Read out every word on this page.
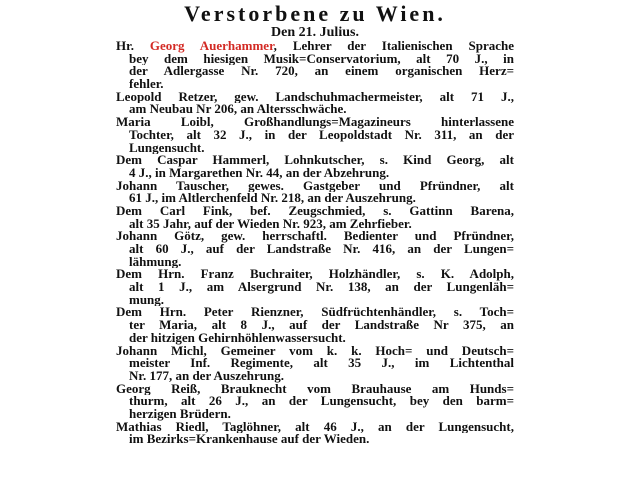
Verstorbene zu Wien.
Den 21. Julius.
Hr. Georg Auerhammer, Lehrer der Italienischen Sprache
bey dem hiesigen Musik=Conservatorium, alt 70 J., in
der Adlergasse Nr. 720, an einem organischen Herz=
fehler.
Leopold Retzer, gew. Landschuhmachermeister, alt 71 J.,
am Neubau Nr 206, an Altersschwäche.
Maria Loibl, Großhandlungs=Magazineurs hinterlassene
Tochter, alt 32 J., in der Leopoldstadt Nr. 311, an der
Lungensucht.
Dem Caspar Hammerl, Lohnkutscher, s. Kind Georg, alt
4 J., in Margarethen Nr. 44, an der Abzehrung.
Johann Tauscher, gewes. Gastgeber und Pfründner, alt
61 J., im Altlerchenfeld Nr. 218, an der Auszehrung.
Dem Carl Fink, bef. Zeugschmied, s. Gattinn Barena,
alt 35 Jahr, auf der Wieden Nr. 923, am Zehrfieber.
Johann Götz, gew. herrschaftl. Bedienter und Pfründner,
alt 60 J., auf der Landstraße Nr. 416, an der Lungen=
lähmung.
Dem Hrn. Franz Buchraiter, Holzhändler, s. K. Adolph,
alt 1 J., am Alsergrund Nr. 138, an der Lungenläh=
mung.
Dem Hrn. Peter Rienzner, Südfrüchtenhändler, s. Toch=
ter Maria, alt 8 J., auf der Landstraße Nr 375, an
der hitzigen Gehirnhöhlenwassersucht.
Johann Michl, Gemeiner vom k. k. Hoch= und Deutsch=
meister Inf. Regimente, alt 35 J., im Lichtenthal
Nr. 177, an der Auszehrung.
Georg Reiß, Brauknecht vom Brauhause am Hunds=
thurm, alt 26 J., an der Lungensucht, bey den barm=
herzigen Brüdern.
Mathias Riedl, Taglöhner, alt 46 J., an der Lungensucht,
im Bezirks=Krankenhause auf der Wieden.
